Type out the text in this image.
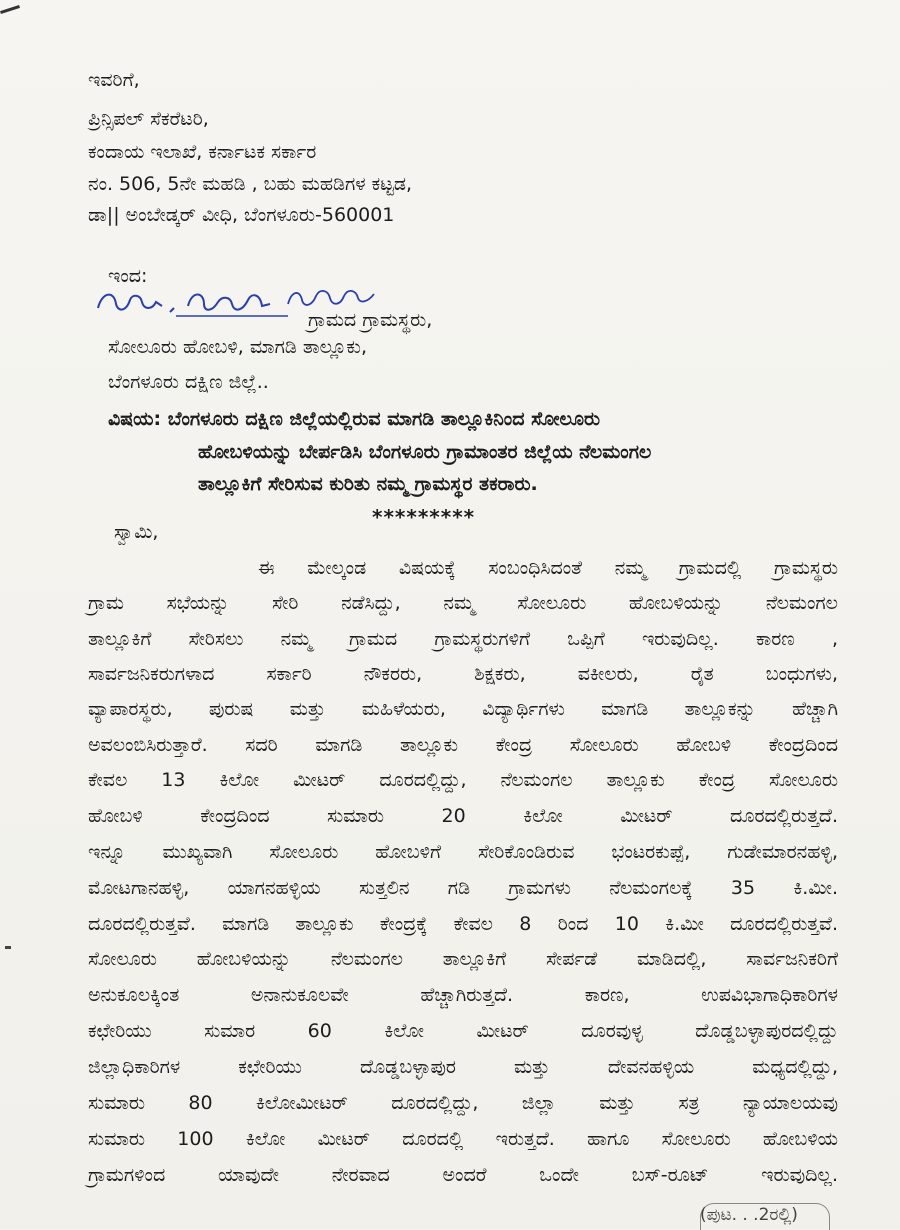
ಇವರಿಗೆ,
ಪ್ರಿನ್ಸಿಪಲ್ ಸೆಕರೆಟರಿ,
ಕಂದಾಯ ಇಲಾಖೆ, ಕರ್ನಾಟಕ ಸರ್ಕಾರ
ನಂ. 506, 5ನೇ ಮಹಡಿ , ಬಹು ಮಹಡಿಗಳ ಕಟ್ಟಡ,
ಡಾ|| ಅಂಬೇಡ್ಕರ್ ವೀಧಿ, ಬೆಂಗಳೂರು-560001
ಇಂದ:
ಟೋಕನಪ್ಪ, ನೇರಳಪ್ಪ ಮಲ್ಲೂರು
ಗ್ರಾಮದ ಗ್ರಾಮಸ್ಥರು,
ಸೋಲೂರು ಹೋಬಳಿ, ಮಾಗಡಿ ತಾಲ್ಲೂಕು,
ಬೆಂಗಳೂರು ದಕ್ಷಿಣ ಜಿಲ್ಲೆ..
ವಿಷಯ: ಬೆಂಗಳೂರು ದಕ್ಷಿಣ ಜಿಲ್ಲೆಯಲ್ಲಿರುವ ಮಾಗಡಿ ತಾಲ್ಲೂಕಿನಿಂದ ಸೋಲೂರು
ಹೋಬಳಿಯನ್ನು ಬೇರ್ಪಡಿಸಿ ಬೆಂಗಳೂರು ಗ್ರಾಮಾಂತರ ಜಿಲ್ಲೆಯ ನೆಲಮಂಗಲ
ತಾಲ್ಲೂಕಿಗೆ ಸೇರಿಸುವ ಕುರಿತು ನಮ್ಮ ಗ್ರಾಮಸ್ಥರ ತಕರಾರು.
*********
ಸ್ವಾಮಿ,
ಈ ಮೇಲ್ಕಂಡ ವಿಷಯಕ್ಕೆ ಸಂಬಂಧಿಸಿದಂತೆ ನಮ್ಮ ಗ್ರಾಮದಲ್ಲಿ ಗ್ರಾಮಸ್ಥರು
ಗ್ರಾಮ ಸಭೆಯನ್ನು ಸೇರಿ ನಡೆಸಿದ್ದು, ನಮ್ಮ ಸೋಲೂರು ಹೋಬಳಿಯನ್ನು ನೆಲಮಂಗಲ
ತಾಲ್ಲೂಕಿಗೆ ಸೇರಿಸಲು ನಮ್ಮ ಗ್ರಾಮದ ಗ್ರಾಮಸ್ಥರುಗಳಿಗೆ ಒಪ್ಪಿಗೆ ಇರುವುದಿಲ್ಲ. ಕಾರಣ ,
ಸಾರ್ವಜನಿಕರುಗಳಾದ ಸರ್ಕಾರಿ ನೌಕರರು, ಶಿಕ್ಷಕರು, ವಕೀಲರು, ರೈತ ಬಂಧುಗಳು,
ವ್ಯಾಪಾರಸ್ಥರು, ಪುರುಷ ಮತ್ತು ಮಹಿಳೆಯರು, ವಿದ್ಯಾರ್ಥಿಗಳು ಮಾಗಡಿ ತಾಲ್ಲೂಕನ್ನು ಹೆಚ್ಚಾಗಿ
ಅವಲಂಬಿಸಿರುತ್ತಾರೆ. ಸದರಿ ಮಾಗಡಿ ತಾಲ್ಲೂಕು ಕೇಂದ್ರ ಸೋಲೂರು ಹೋಬಳಿ ಕೇಂದ್ರದಿಂದ
ಕೇವಲ 13 ಕಿಲೋ ಮೀಟರ್ ದೂರದಲ್ಲಿದ್ದು, ನೆಲಮಂಗಲ ತಾಲ್ಲೂಕು ಕೇಂದ್ರ ಸೋಲೂರು
ಹೋಬಳಿ ಕೇಂದ್ರದಿಂದ ಸುಮಾರು 20 ಕಿಲೋ ಮೀಟರ್ ದೂರದಲ್ಲಿರುತ್ತದೆ.
ಇನ್ನೂ ಮುಖ್ಯವಾಗಿ ಸೋಲೂರು ಹೋಬಳಿಗೆ ಸೇರಿಕೊಂಡಿರುವ ಭಂಟರಕುಪ್ಪೆ, ಗುಡೇಮಾರನಹಳ್ಳಿ,
ಮೋಟಗಾನಹಳ್ಳಿ, ಯಾಗನಹಳ್ಳಿಯ ಸುತ್ತಲಿನ ಗಡಿ ಗ್ರಾಮಗಳು ನೆಲಮಂಗಲಕ್ಕೆ 35 ಕಿ.ಮೀ.
ದೂರದಲ್ಲಿರುತ್ತವೆ. ಮಾಗಡಿ ತಾಲ್ಲೂಕು ಕೇಂದ್ರಕ್ಕೆ ಕೇವಲ 8 ರಿಂದ 10 ಕಿ.ಮೀ ದೂರದಲ್ಲಿರುತ್ತವೆ.
ಸೋಲೂರು ಹೋಬಳಿಯನ್ನು ನೆಲಮಂಗಲ ತಾಲ್ಲೂಕಿಗೆ ಸೇರ್ಪಡೆ ಮಾಡಿದಲ್ಲಿ, ಸಾರ್ವಜನಿಕರಿಗೆ
ಅನುಕೂಲಕ್ಕಿಂತ ಅನಾನುಕೂಲವೇ ಹೆಚ್ಚಾಗಿರುತ್ತದೆ. ಕಾರಣ, ಉಪವಿಭಾಗಾಧಿಕಾರಿಗಳ
ಕಛೇರಿಯು ಸುಮಾರ 60 ಕಿಲೋ ಮೀಟರ್ ದೂರವುಳ್ಳ ದೊಡ್ಡಬಳ್ಳಾಪುರದಲ್ಲಿದ್ದು
ಜಿಲ್ಲಾಧಿಕಾರಿಗಳ ಕಛೇರಿಯು ದೊಡ್ಡಬಳ್ಳಾಪುರ ಮತ್ತು ದೇವನಹಳ್ಳಿಯ ಮಧ್ಯದಲ್ಲಿದ್ದು,
ಸುಮಾರು 80 ಕಿಲೋಮೀಟರ್ ದೂರದಲ್ಲಿದ್ದು, ಜಿಲ್ಲಾ ಮತ್ತು ಸತ್ರ ನ್ಯಾಯಾಲಯವು
ಸುಮಾರು 100 ಕಿಲೋ ಮೀಟರ್ ದೂರದಲ್ಲಿ ಇರುತ್ತದೆ. ಹಾಗೂ ಸೋಲೂರು ಹೋಬಳಿಯ
ಗ್ರಾಮಗಳಿಂದ ಯಾವುದೇ ನೇರವಾದ ಅಂದರೆ ಒಂದೇ ಬಸ್-ರೂಟ್ ಇರುವುದಿಲ್ಲ.
(ಪುಟ. . .2ರಲ್ಲಿ)
